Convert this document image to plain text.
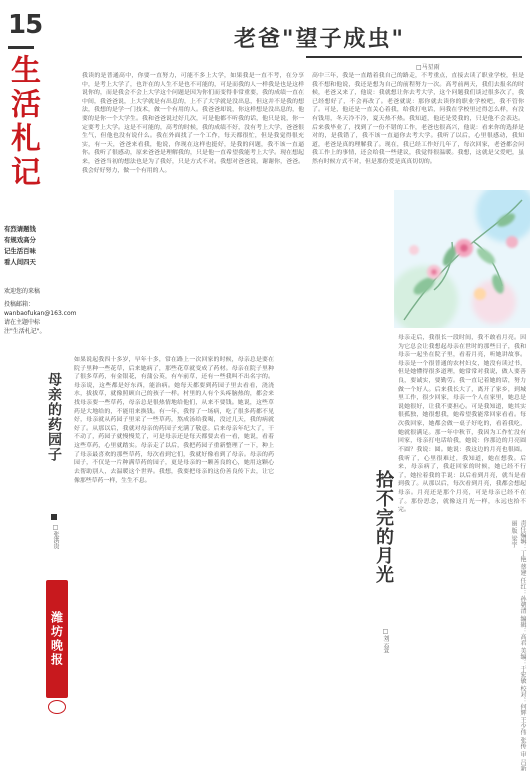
15
生活札记
有烈请题钱 有规戏高分 记生活百味 看人间四天
欢迎您的来稿
投稿邮箱：wanbaofukan@163.com 请在主题中标注"生活札记"。
母亲的药园子
□张洪贵
如果说起我四十多岁，早年十多，常在路上一次回家的时候，母亲总是要在院子里种一些花草，后来她病了，那些花草就变成了药材。母亲在院子里种了很多草药，有金银花，有蒲公英，有车前草，还有一些我叫不出名字的。母亲说，这些都是好东西，能治病。她每天都要到药园子里去看看，浇浇水，拔拔草，就像照顾自己的孩子一样。村里的人有个头疼脑热的，都会来找母亲要一些草药，母亲总是很热情地给他们，从来不要钱。她说，这些草药是大地给的，不能用来换钱。有一年，我得了一场病，吃了很多药都不见好，母亲就从药园子里采了一些草药，熬成汤给我喝，没过几天，我的病就好了。从那以后，我就对母亲的药园子充满了敬意。后来母亲年纪大了，干不动了，药园子就慢慢荒了，可是母亲还是每天都要去看一看，她说，看着这些草药，心里就踏实。母亲走了以后，我把药园子重新整理了一下，种上了母亲最喜欢的那些草药，每次看到它们，我就好像看到了母亲。母亲的药园子，不仅是一片种满草药的园子，更是母亲的一颗善良的心，她用这颗心去帮助别人，去温暖这个世界。我想，我要把母亲的这份善良传下去，让它像那些草药一样，生生不息。
潍坊晚报
老爸"望子成虫"
□马星雨
我读的是普通高中，你要一直努力，可能不多上大学，如果我是一直不考，在分享中，是考上大学了，也许在的人生不是也不可能的，可是而我的人一样我是也是这样说你的，而是我会不会上大学这个问题是因为你们而变得非常重要，我的成绩一直在中间，我爸爸说，上大学就是有出息的，上不了大学就是没出息，但这并不是我的想法，我想的是学一门技术，做一个有用的人。我爸爸却说，你这样想是没出息的，他要的是你一个大学生。我和爸爸说过好几次，可是他都不听我的话，他只是说，你一定要考上大学。这是不可能的，高考的时候，我的成绩不好，没有考上大学，爸爸很生气，但他也没有说什么。我在外面找了一个工作，每天都很忙，但是我觉得很充实，有一天，爸爸来看我，他说，你现在这样也挺好，是我的问题，我不该一直逼你。我听了很感动，原来爸爸是理解我的，只是他一直希望我能考上大学。现在想起来，爸爸当初的想法也是为了我好，只是方式不对。我想对爸爸说，谢谢你，爸爸。我会好好努力，做一个有用的人。
高中三年，我是一直踏着我自己的路走，不考重点，直接去读了职业学校，但是我不想和他说，我还是想为自己的前程努力一次。高考前两天，我们去报名的时候，老爸又来了，他说：我就想让你去考大学，这个问题我们谈过很多次了，我已经想好了，不会再改了。老爸就说：那你就去读你的职业学校吧，我不管你了。可是，他还是一直关心着我，给我打电话，问我在学校里过得怎么样，有没有钱用，冬天冷不冷，夏天热不热。我知道，他还是爱我的，只是他不会表达。后来我毕业了，找到了一份不错的工作，老爸也很高兴，他说：看来你的选择是对的，是我错了，我不该一直逼你去考大学。我听了以后，心里很感动，我知道，老爸是真的理解我了。现在，我已经工作好几年了，每次回家，老爸都会问我工作上的事情，还会给我一些建议，我觉得很温暖。我想，这就是父爱吧，虽然有时候方式不对，但是那份爱是真真切切的。
拾不完的月光
□刘云萱
母亲走后，我很长一段时间，我不敢看月亮。因为它总会让我想起母亲在世时的那些日子，我和母亲一起坐在院子里，看着月亮，听她讲故事。母亲是一个很普通的农村妇女，她没有读过书，但是她懂得很多道理，她常常对我说，做人要善良，要诚实，要勤劳。我一直记着她的话，努力做一个好人。后来我长大了，离开了家乡，到城里工作，很少回家，母亲一个人在家里，她总是说她很好，让我不要担心。可是我知道，她其实很孤独，她很想我，她希望我能常回家看看。每次我回家，她都会做一桌子好吃的，看着我吃，她就很满足。那一年中秋节，我因为工作忙没有回家，母亲打电话给我，她说：你那边的月亮圆不圆？我说：圆。她说：我这边的月亮也很圆。我听了，心里很难过，我知道，她在想我。后来，母亲病了，我赶回家的时候，她已经不行了，她拉着我的手说：以后看到月亮，就当是看到我了。从那以后，每次看到月亮，我都会想起母亲。月亮还是那个月亮，可是母亲已经不在了。那份思念，就像这月光一样，永远也拾不完。
责任编辑：丁艳 蔡建 任红：孙朝清 编辑：高君 美编：于宏敏 校对：何辉 王少伟 张传 审 吕新丽 版 梁宇
